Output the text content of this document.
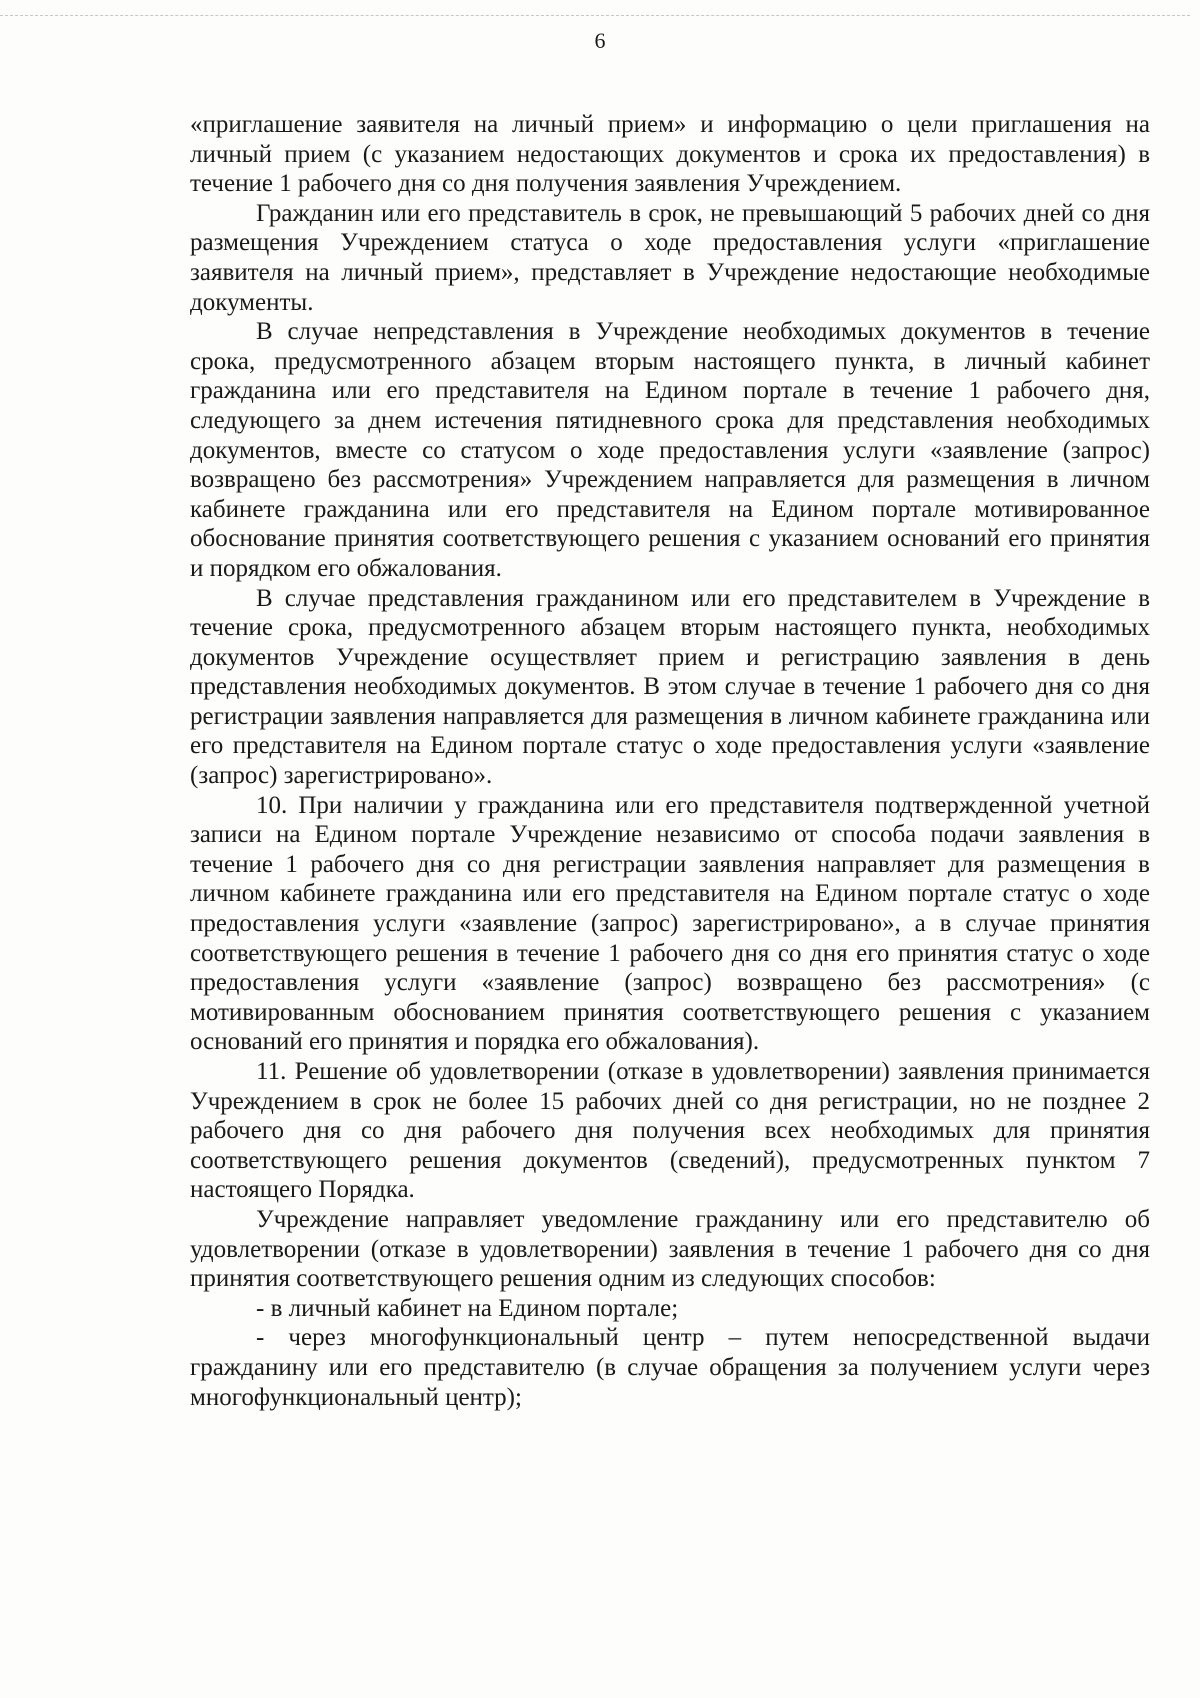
6

«приглашение заявителя на личный прием» и информацию о цели приглашения на личный прием (с указанием недостающих документов и срока их предоставления) в течение 1 рабочего дня со дня получения заявления Учреждением.

Гражданин или его представитель в срок, не превышающий 5 рабочих дней со дня размещения Учреждением статуса о ходе предоставления услуги «приглашение заявителя на личный прием», представляет в Учреждение недостающие необходимые документы.

В случае непредставления в Учреждение необходимых документов в течение срока, предусмотренного абзацем вторым настоящего пункта, в личный кабинет гражданина или его представителя на Едином портале в течение 1 рабочего дня, следующего за днем истечения пятидневного срока для представления необходимых документов, вместе со статусом о ходе предоставления услуги «заявление (запрос) возвращено без рассмотрения» Учреждением направляется для размещения в личном кабинете гражданина или его представителя на Едином портале мотивированное обоснование принятия соответствующего решения с указанием оснований его принятия и порядком его обжалования.

В случае представления гражданином или его представителем в Учреждение в течение срока, предусмотренного абзацем вторым настоящего пункта, необходимых документов Учреждение осуществляет прием и регистрацию заявления в день представления необходимых документов. В этом случае в течение 1 рабочего дня со дня регистрации заявления направляется для размещения в личном кабинете гражданина или его представителя на Едином портале статус о ходе предоставления услуги «заявление (запрос) зарегистрировано».

10. При наличии у гражданина или его представителя подтвержденной учетной записи на Едином портале Учреждение независимо от способа подачи заявления в течение 1 рабочего дня со дня регистрации заявления направляет для размещения в личном кабинете гражданина или его представителя на Едином портале статус о ходе предоставления услуги «заявление (запрос) зарегистрировано», а в случае принятия соответствующего решения в течение 1 рабочего дня со дня его принятия статус о ходе предоставления услуги «заявление (запрос) возвращено без рассмотрения» (с мотивированным обоснованием принятия соответствующего решения с указанием оснований его принятия и порядка его обжалования).

11. Решение об удовлетворении (отказе в удовлетворении) заявления принимается Учреждением в срок не более 15 рабочих дней со дня регистрации, но не позднее 2 рабочего дня со дня рабочего дня получения всех необходимых для принятия соответствующего решения документов (сведений), предусмотренных пунктом 7 настоящего Порядка.

Учреждение направляет уведомление гражданину или его представителю об удовлетворении (отказе в удовлетворении) заявления в течение 1 рабочего дня со дня принятия соответствующего решения одним из следующих способов:

- в личный кабинет на Едином портале;

- через многофункциональный центр – путем непосредственной выдачи гражданину или его представителю (в случае обращения за получением услуги через многофункциональный центр);
